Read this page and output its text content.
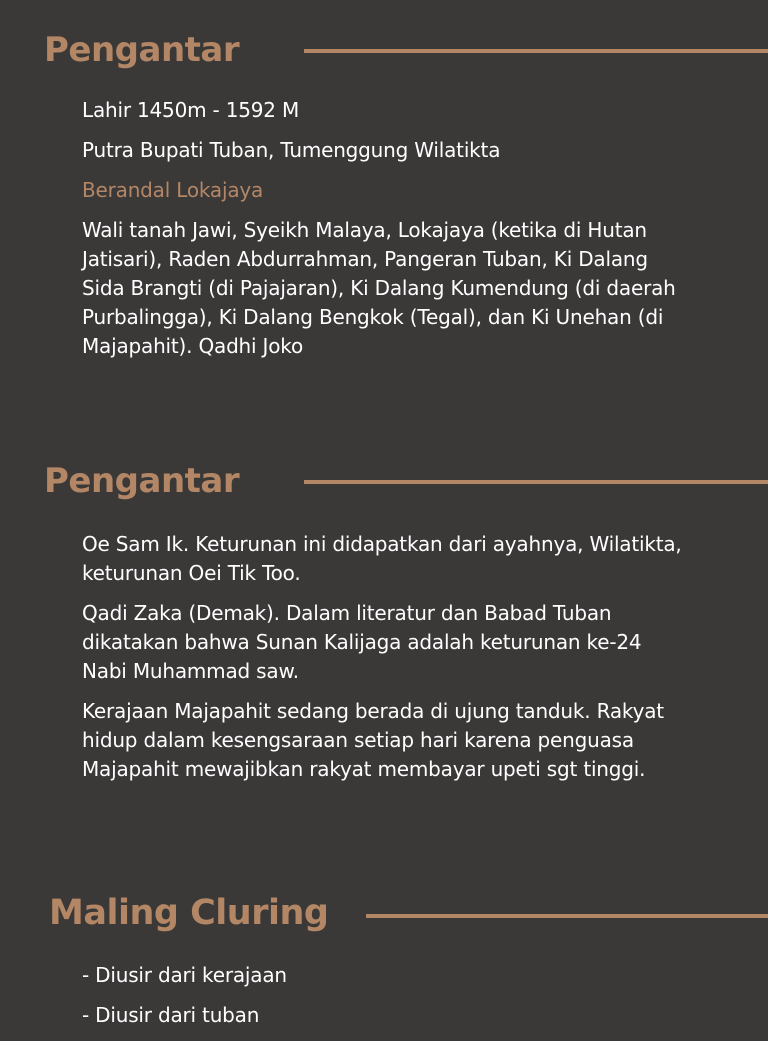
Pengantar

Lahir 1450m - 1592 M

Putra Bupati Tuban, Tumenggung Wilatikta

Berandal Lokajaya

Wali tanah Jawi, Syeikh Malaya, Lokajaya (ketika di Hutan Jatisari), Raden Abdurrahman, Pangeran Tuban, Ki Dalang Sida Brangti (di Pajajaran), Ki Dalang Kumendung (di daerah Purbalingga), Ki Dalang Bengkok (Tegal), dan Ki Unehan (di Majapahit). Qadhi Joko

Pengantar

Oe Sam Ik. Keturunan ini didapatkan dari ayahnya, Wilatikta, keturunan Oei Tik Too.

Qadi Zaka (Demak). Dalam literatur dan Babad Tuban dikatakan bahwa Sunan Kalijaga adalah keturunan ke-24 Nabi Muhammad saw.

Kerajaan Majapahit sedang berada di ujung tanduk. Rakyat hidup dalam kesengsaraan setiap hari karena penguasa Majapahit mewajibkan rakyat membayar upeti sgt tinggi.

Maling Cluring

- Diusir dari kerajaan

- Diusir dari tuban
